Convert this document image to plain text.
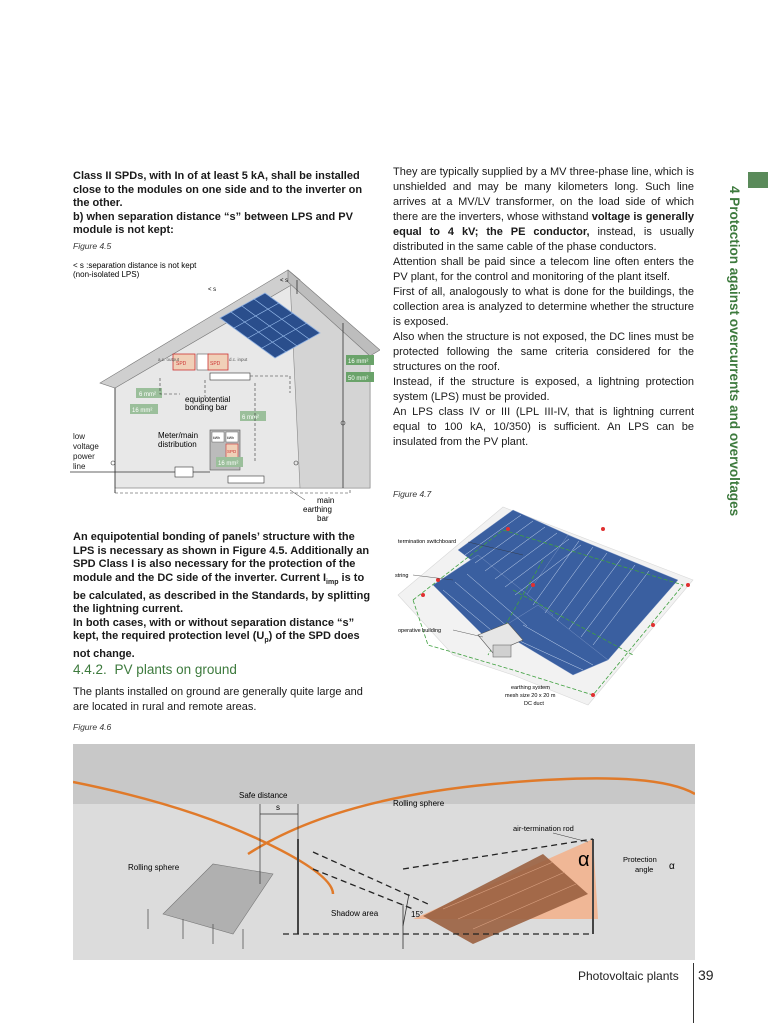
4 Protection against overcurrents and overvoltages

Class II SPDs, with In of at least 5 kA, shall be installed close to the modules on one side and to the inverter on the other.

b) when separation distance “s” between LPS and PV module is not kept:

Figure 4.5
< s :separation distance is not kept
(non-isolated LPS)
< s
< s
SPD	SPD
a.c. output	d.c. input
equipotential
bonding bar
16 mm²
50 mm²
6 mm²
16 mm²
6 mm²
Meter/main
distribution
kWh kWh
SPD
16 mm²
main
earthing
bar
low
voltage
power
line

An equipotential bonding of panels’ structure with the LPS is necessary as shown in Figure 4.5. Additionally an SPD Class I is also necessary for the protection of the module and the DC side of the inverter. Current $I_{imp}$ is to be calculated, as described in the Standards, by splitting the lightning current.

In both cases, with or without separation distance “s” kept, the required protection level $(U_p)$ of the SPD does not change.

4.4.2. PV plants on ground
The plants installed on ground are generally quite large and are located in rural and remote areas.
Figure 4.6

They are typically supplied by a MV three-phase line, which is unshielded and may be many kilometers long. Such line arrives at a MV/LV transformer, on the load side of which there are the inverters, whose withstand voltage is generally equal to 4 kV; the PE conductor, instead, is usually distributed in the same cable of the phase conductors.

Attention shall be paid since a telecom line often enters the PV plant, for the control and monitoring of the plant itself.

First of all, analogously to what is done for the buildings, the collection area is analyzed to determine whether the structure is exposed.

Also when the structure is not exposed, the DC lines must be protected following the same criteria considered for the structures on the roof.

Instead, if the structure is exposed, a lightning protection system (LPS) must be provided.

An LPS class IV or III (LPL III-IV, that is lightning current equal to 100 kA, 10/350) is sufficient. An LPS can be insulated from the PV plant.

Figure 4.7
termination switchboard
string
operative building
earthing system
mesh size 20 x 20 m
DC duct
Safe distance
s	Rolling sphere
air-termination rod
α	Protection
α
angle
Rolling sphere
Shadow area	15°
Photovoltaic plants 39
